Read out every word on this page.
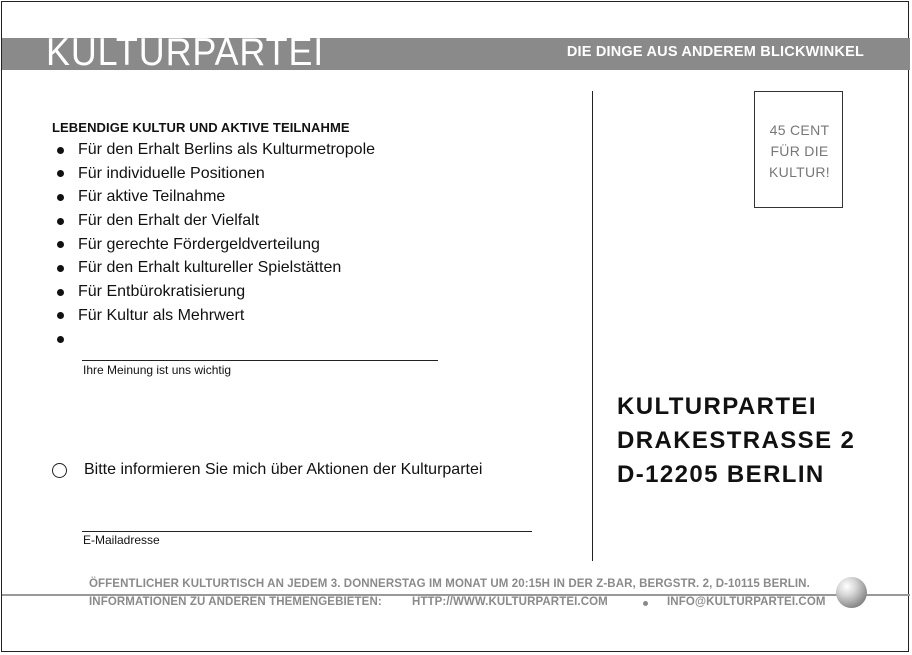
KULTURPARTEI	DIE DINGE AUS ANDEREM BLICKWINKEL
LEBENDIGE KULTUR UND AKTIVE TEILNAHME
Für den Erhalt Berlins als Kulturmetropole
Für individuelle Positionen
Für aktive Teilnahme
Für den Erhalt der Vielfalt
Für gerechte Fördergeldverteilung
Für den Erhalt kultureller Spielstätten
Für Entbürokratisierung
Für Kultur als Mehrwert
Ihre Meinung ist uns wichtig
Bitte informieren Sie mich über Aktionen der Kulturpartei
E-Mailadresse
45 CENT
FÜR DIE
KULTUR!
KULTURPARTEI
DRAKESTRASSE 2
D-12205 BERLIN
ÖFFENTLICHER KULTURTISCH AN JEDEM 3. DONNERSTAG IM MONAT UM 20:15H IN DER Z-BAR, BERGSTR. 2, D-10115 BERLIN.
INFORMATIONEN ZU ANDEREN THEMENGEBIETEN:	HTTP://WWW.KULTURPARTEI.COM	INFO@KULTURPARTEI.COM
